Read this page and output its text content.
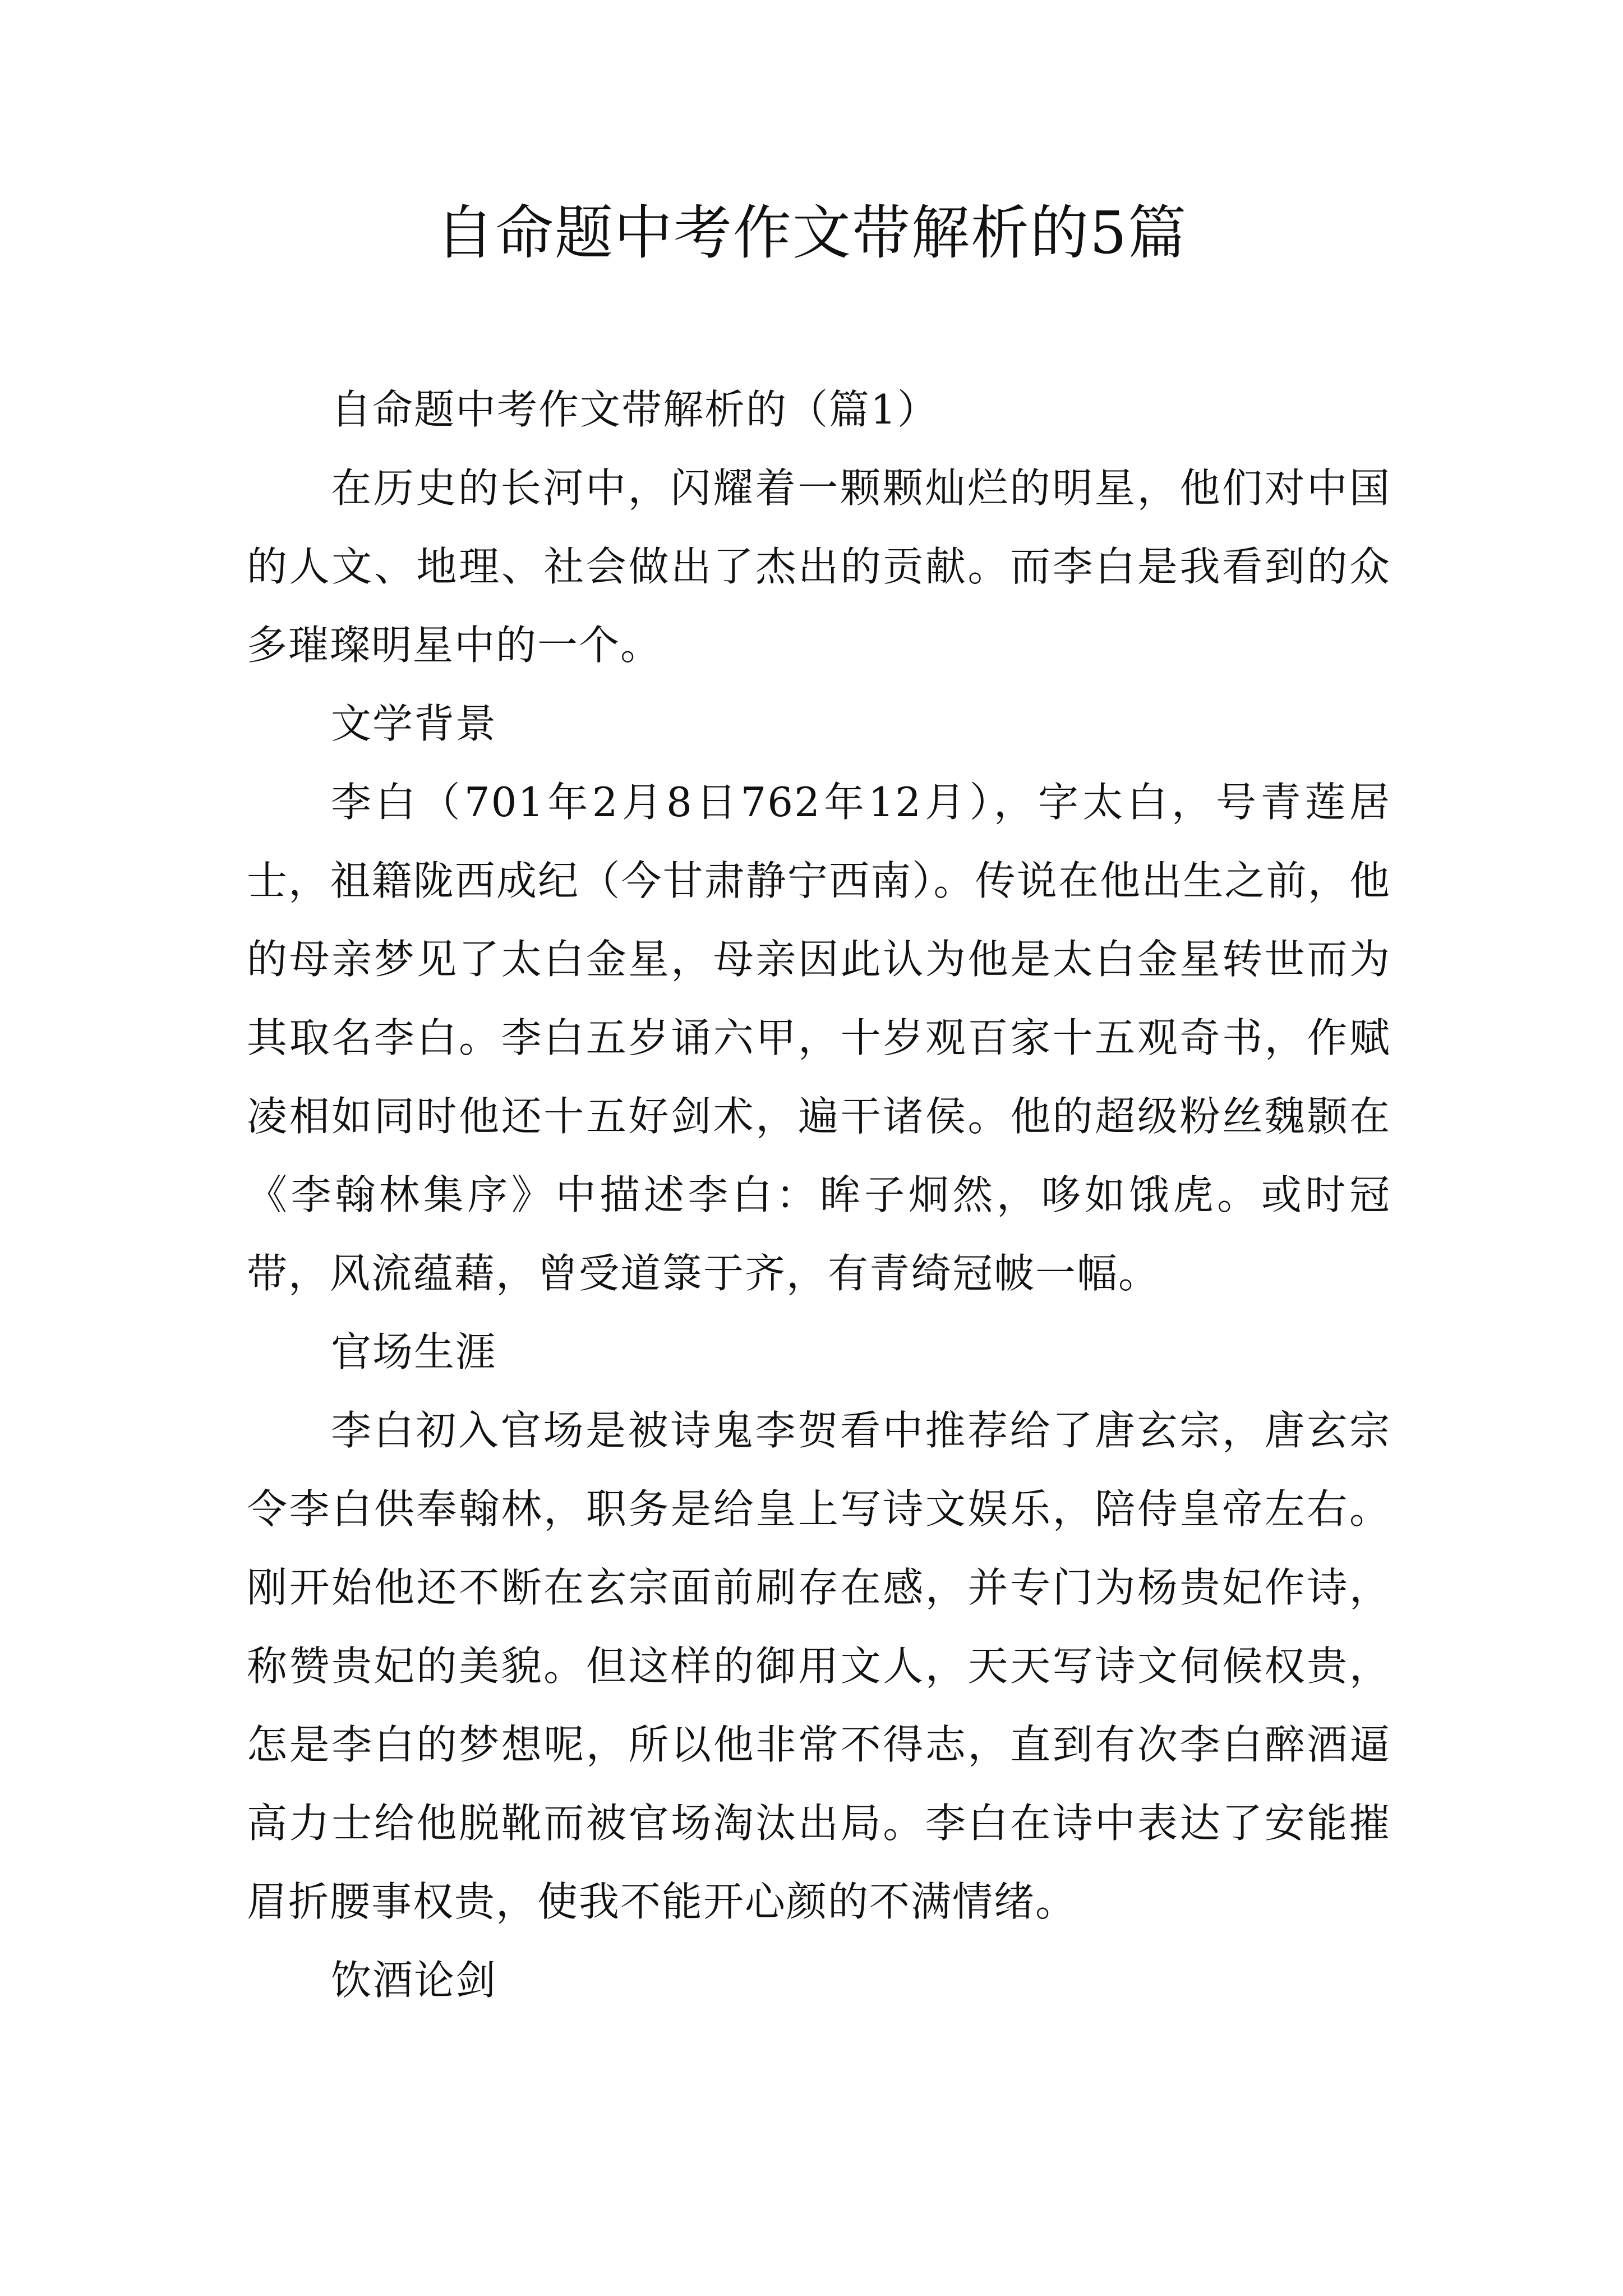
自命题中考作文带解析的5篇

自命题中考作文带解析的（篇1）

在历史的长河中，闪耀着一颗颗灿烂的明星，他们对中国的人文、地理、社会做出了杰出的贡献。而李白是我看到的众多璀璨明星中的一个。

文学背景

李白（701年2月8日762年12月），字太白，号青莲居士，祖籍陇西成纪（今甘肃静宁西南）。传说在他出生之前，他的母亲梦见了太白金星，母亲因此认为他是太白金星转世而为其取名李白。李白五岁诵六甲，十岁观百家十五观奇书，作赋凌相如同时他还十五好剑术，遍干诸侯。他的超级粉丝魏颢在《李翰林集序》中描述李白：眸子炯然，哆如饿虎。或时冠带，风流蕴藉，曾受道箓于齐，有青绮冠帔一幅。

官场生涯

李白初入官场是被诗鬼李贺看中推荐给了唐玄宗，唐玄宗令李白供奉翰林，职务是给皇上写诗文娱乐，陪侍皇帝左右。刚开始他还不断在玄宗面前刷存在感，并专门为杨贵妃作诗，称赞贵妃的美貌。但这样的御用文人，天天写诗文伺候权贵，怎是李白的梦想呢，所以他非常不得志，直到有次李白醉酒逼高力士给他脱靴而被官场淘汰出局。李白在诗中表达了安能摧眉折腰事权贵，使我不能开心颜的不满情绪。

饮酒论剑
